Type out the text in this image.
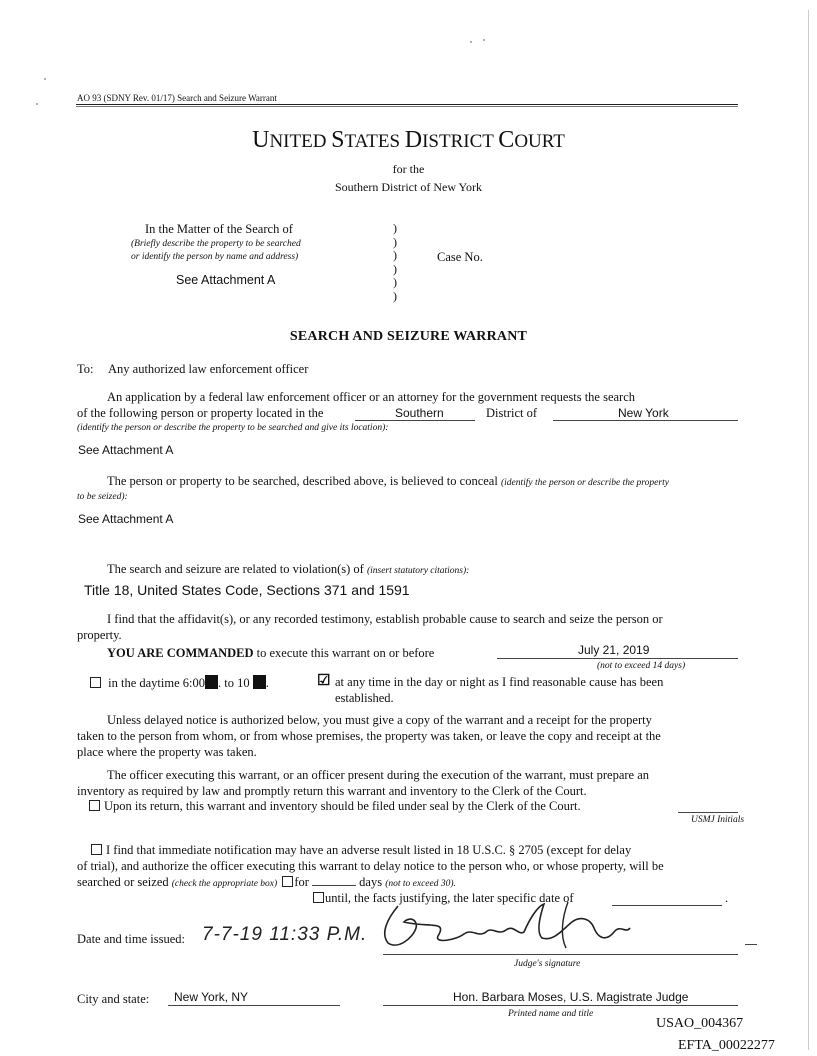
AO 93 (SDNY Rev. 01/17) Search and Seizure Warrant
UNITED STATES DISTRICT COURT
for the
Southern District of New York
In the Matter of the Search of
(Briefly describe the property to be searched
or identify the person by name and address)
See Attachment A
)
)
)
)
)
)
Case No.
SEARCH AND SEIZURE WARRANT
To: Any authorized law enforcement officer
An application by a federal law enforcement officer or an attorney for the government requests the search
of the following person or property located in the	Southern	District of	New York
(identify the person or describe the property to be searched and give its location):
See Attachment A
The person or property to be searched, described above, is believed to conceal (identify the person or describe the property
to be seized):
See Attachment A
The search and seizure are related to violation(s) of (insert statutory citations):
Title 18, United States Code, Sections 371 and 1591
I find that the affidavit(s), or any recorded testimony, establish probable cause to search and seize the person or
property.
YOU ARE COMMANDED to execute this warrant on or before	July 21, 2019
(not to exceed 14 days)
in the daytime 6:00 . to 10 .	☑ at any time in the day or night as I find reasonable cause has been
established.
Unless delayed notice is authorized below, you must give a copy of the warrant and a receipt for the property
taken to the person from whom, or from whose premises, the property was taken, or leave the copy and receipt at the
place where the property was taken.
The officer executing this warrant, or an officer present during the execution of the warrant, must prepare an
inventory as required by law and promptly return this warrant and inventory to the Clerk of the Court.
Upon its return, this warrant and inventory should be filed under seal by the Clerk of the Court.
USMJ Initials
I find that immediate notification may have an adverse result listed in 18 U.S.C. § 2705 (except for delay
of trial), and authorize the officer executing this warrant to delay notice to the person who, or whose property, will be
searched or seized (check the appropriate box) for	days (not to exceed 30).
until, the facts justifying, the later specific date of	.
Date and time issued: 7-7-19 11:33 P.M.
Judge's signature
City and state: New York, NY	Hon. Barbara Moses, U.S. Magistrate Judge
Printed name and title
USAO_004367
EFTA_00022277
